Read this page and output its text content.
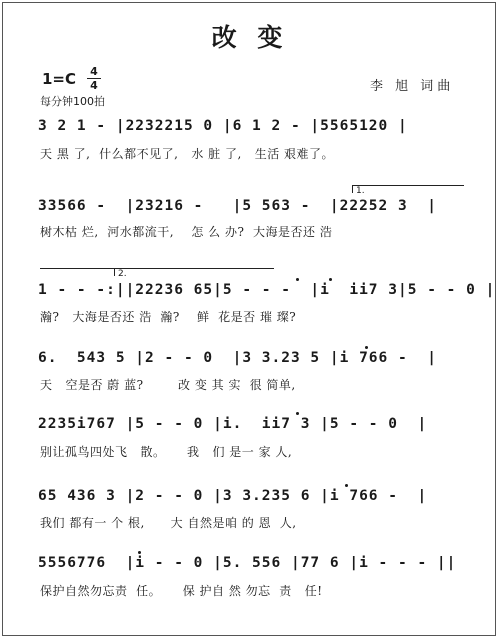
改 变
1=C 4
4
每分钟100拍
李 旭 词曲
3 2 1 - |2232215 0 |6 1 2 - |5565120 |
天 黑 了,  什么都不见了,   水 脏 了,   生活 艰难了。
1.
33566 -  |23216 -   |5 563 -  |22252 3  |
树木枯 烂,  河水都流干,    怎 么 办?  大海是否还 浩
2.
1 - - -:||22236 65|5 - - -  |i  ii7 3|5 - - 0 |
瀚?   大海是否还 浩  瀚?    鲜  花是否 璀 璨?
6.  543 5 |2 - - 0  |3 3.23 5 |i 766 -  |
天   空是否 蔚 蓝?        改 变 其 实  很 简单,
2235i767 |5 - - 0 |i.  ii7 3 |5 - - 0  |
别让孤鸟四处飞   散。     我   们 是一 家 人,
65 436 3 |2 - - 0 |3 3.235 6 |i 766 -  |
我们 都有一 个 根,      大 自然是咱 的 恩  人,
5556776  |i - - 0 |5. 556 |77 6 |i - - - ||
保护自然勿忘责  任。     保 护自 然 勿忘  责   任!
